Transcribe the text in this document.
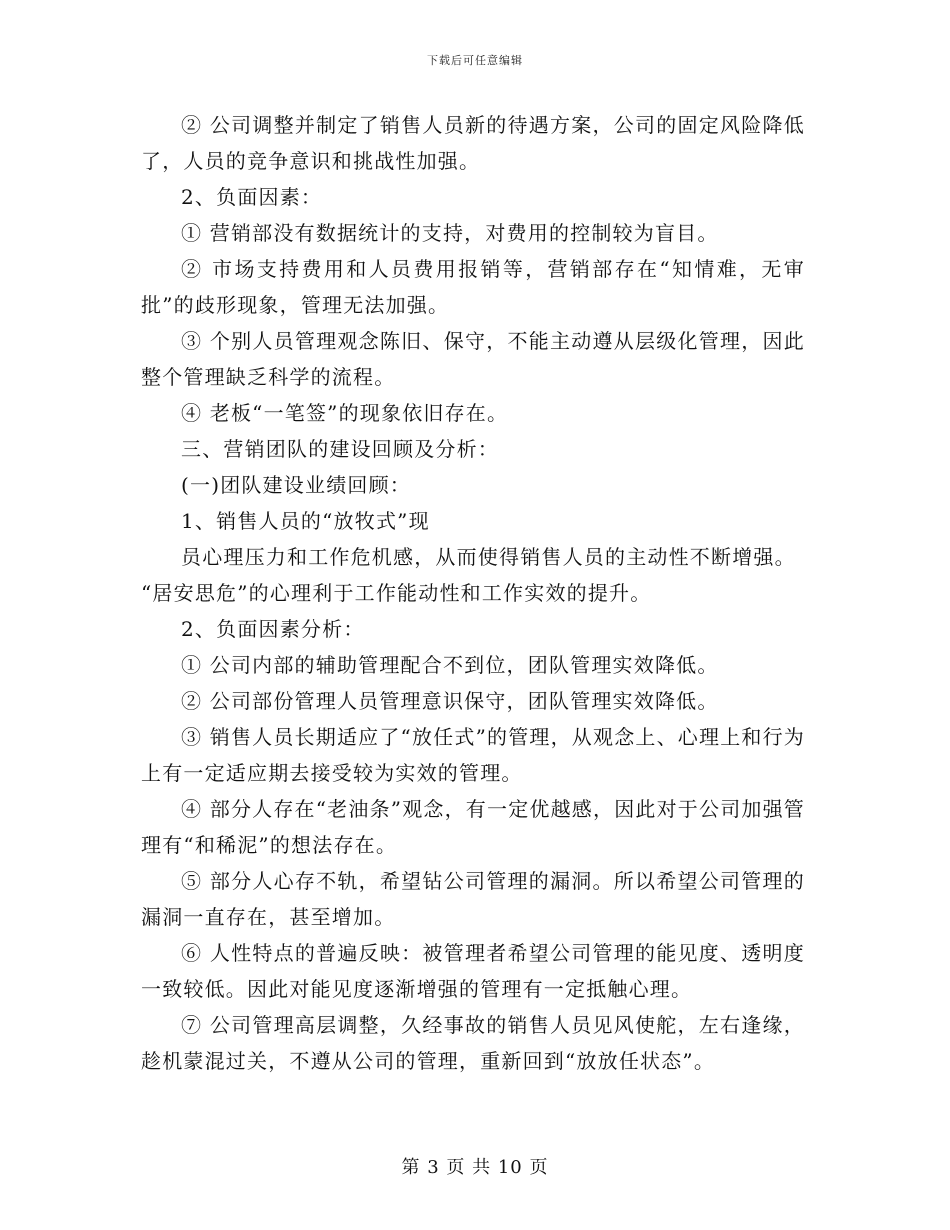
下载后可任意编辑

② 公司调整并制定了销售人员新的待遇方案，公司的固定风险降低了，人员的竞争意识和挑战性加强。

2、负面因素：

① 营销部没有数据统计的支持，对费用的控制较为盲目。

② 市场支持费用和人员费用报销等，营销部存在“知情难，无审批”的歧形现象，管理无法加强。

③ 个别人员管理观念陈旧、保守，不能主动遵从层级化管理，因此整个管理缺乏科学的流程。

④ 老板“一笔签”的现象依旧存在。

三、营销团队的建设回顾及分析：

(一)团队建设业绩回顾：

1、销售人员的“放牧式”现

员心理压力和工作危机感，从而使得销售人员的主动性不断增强。

“居安思危”的心理利于工作能动性和工作实效的提升。

2、负面因素分析：

① 公司内部的辅助管理配合不到位，团队管理实效降低。

② 公司部份管理人员管理意识保守，团队管理实效降低。

③ 销售人员长期适应了“放任式”的管理，从观念上、心理上和行为上有一定适应期去接受较为实效的管理。

④ 部分人存在“老油条”观念，有一定优越感，因此对于公司加强管理有“和稀泥”的想法存在。

⑤ 部分人心存不轨，希望钻公司管理的漏洞。所以希望公司管理的漏洞一直存在，甚至增加。

⑥ 人性特点的普遍反映：被管理者希望公司管理的能见度、透明度一致较低。因此对能见度逐渐增强的管理有一定抵触心理。

⑦ 公司管理高层调整，久经事故的销售人员见风使舵，左右逢缘，趁机蒙混过关，不遵从公司的管理，重新回到“放放任状态”。

第 3 页 共 10 页
